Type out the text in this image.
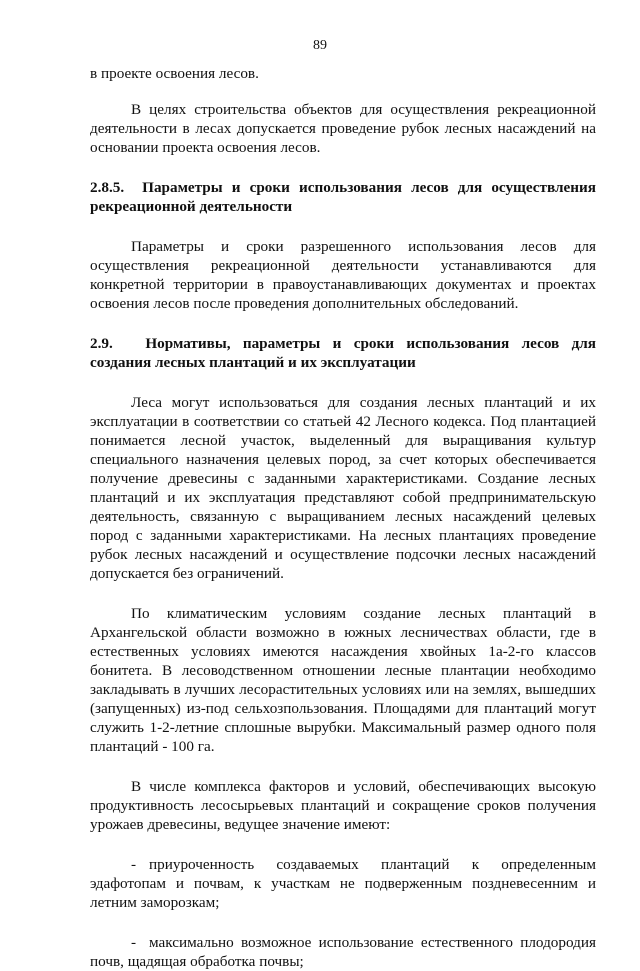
89

в проекте освоения лесов.

В целях строительства объектов для осуществления рекреационной деятельности в лесах допускается проведение рубок лесных насаждений на основании проекта освоения лесов.

2.8.5. Параметры и сроки использования лесов для осуществления рекреационной деятельности

Параметры и сроки разрешенного использования лесов для осуществления рекреационной деятельности устанавливаются для конкретной территории в правоустанавливающих документах и проектах освоения лесов после проведения дополнительных обследований.

2.9. Нормативы, параметры и сроки использования лесов для создания лесных плантаций и их эксплуатации

Леса могут использоваться для создания лесных плантаций и их эксплуатации в соответствии со статьей 42 Лесного кодекса. Под плантацией понимается лесной участок, выделенный для выращивания культур специального назначения целевых пород, за счет которых обеспечивается получение древесины с заданными характеристиками. Создание лесных плантаций и их эксплуатация представляют собой предпринимательскую деятельность, связанную с выращиванием лесных насаждений целевых пород с заданными характеристиками. На лесных плантациях проведение рубок лесных насаждений и осуществление подсочки лесных насаждений допускается без ограничений.

По климатическим условиям создание лесных плантаций в Архангельской области возможно в южных лесничествах области, где в естественных условиях имеются насаждения хвойных 1а-2-го классов бонитета. В лесоводственном отношении лесные плантации необходимо закладывать в лучших лесорастительных условиях или на землях, вышедших (запущенных) из-под сельхозпользования. Площадями для плантаций могут служить 1-2-летние сплошные вырубки. Максимальный размер одного поля плантаций - 100 га.

В числе комплекса факторов и условий, обеспечивающих высокую продуктивность лесосырьевых плантаций и сокращение сроков получения урожаев древесины, ведущее значение имеют:

- приуроченность создаваемых плантаций к определенным эдафотопам и почвам, к участкам не подверженным поздневесенним и летним заморозкам;

- максимально возможное использование естественного плодородия почв, щадящая обработка почвы;
